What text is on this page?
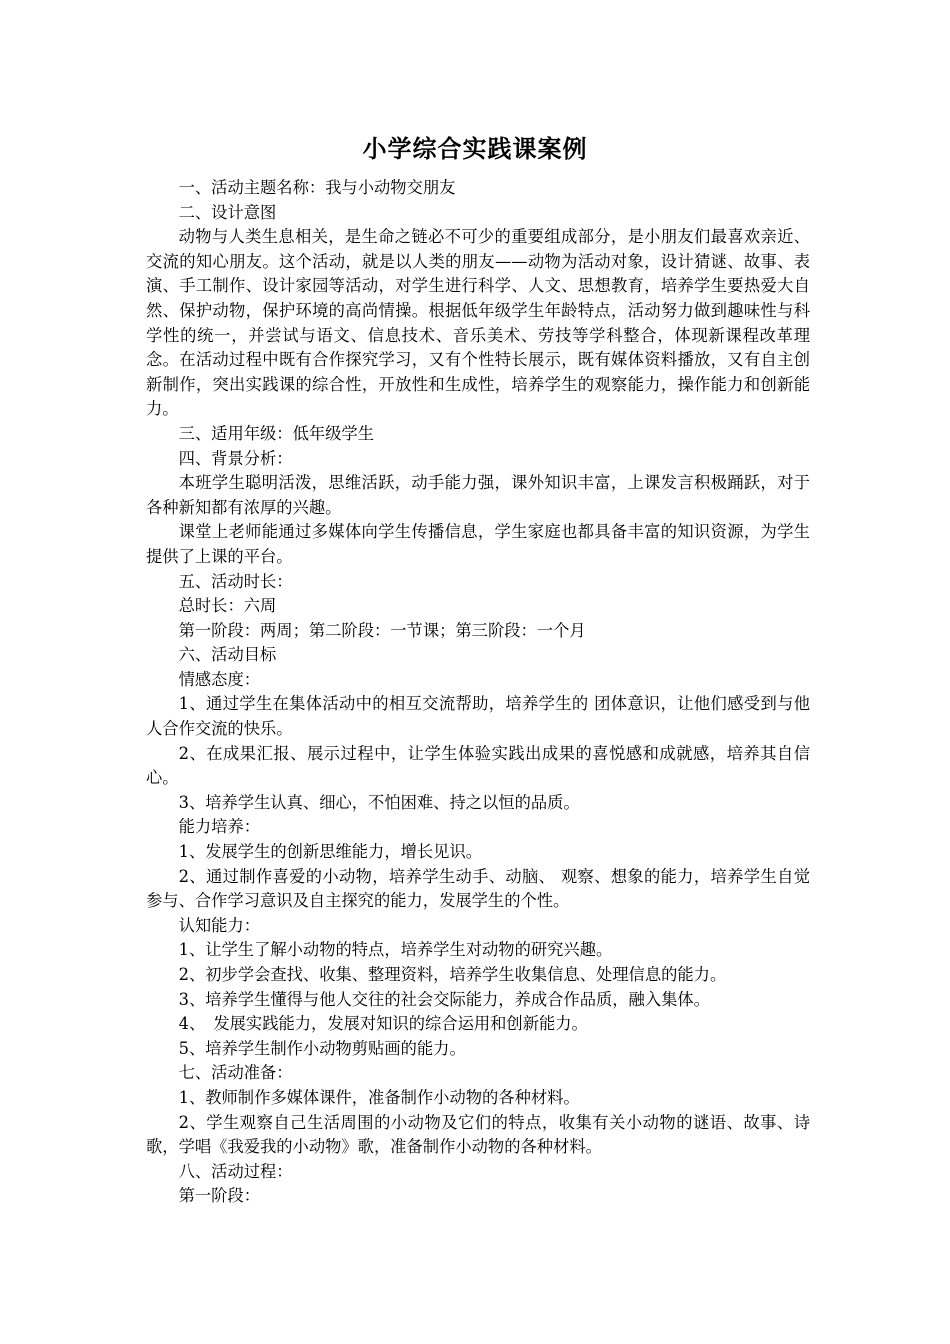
小学综合实践课案例

一、活动主题名称：我与小动物交朋友

二、设计意图

动物与人类生息相关，是生命之链必不可少的重要组成部分，是小朋友们最喜欢亲近、交流的知心朋友。这个活动，就是以人类的朋友——动物为活动对象，设计猜谜、故事、表演、手工制作、设计家园等活动，对学生进行科学、人文、思想教育，培养学生要热爱大自然、保护动物，保护环境的高尚情操。根据低年级学生年龄特点，活动努力做到趣味性与科学性的统一，并尝试与语文、信息技术、音乐美术、劳技等学科整合，体现新课程改革理念。在活动过程中既有合作探究学习，又有个性特长展示，既有媒体资料播放，又有自主创新制作，突出实践课的综合性，开放性和生成性，培养学生的观察能力，操作能力和创新能力。

三、适用年级：低年级学生

四、背景分析：

本班学生聪明活泼，思维活跃，动手能力强，课外知识丰富，上课发言积极踊跃，对于各种新知都有浓厚的兴趣。

课堂上老师能通过多媒体向学生传播信息，学生家庭也都具备丰富的知识资源，为学生提供了上课的平台。

五、活动时长：

总时长：六周

第一阶段：两周；第二阶段：一节课；第三阶段：一个月

六、活动目标

情感态度：

1、通过学生在集体活动中的相互交流帮助，培养学生的 团体意识，让他们感受到与他人合作交流的快乐。

2、在成果汇报、展示过程中，让学生体验实践出成果的喜悦感和成就感，培养其自信心。

3、培养学生认真、细心，不怕困难、持之以恒的品质。

能力培养：

1、发展学生的创新思维能力，增长见识。

2、通过制作喜爱的小动物，培养学生动手、动脑、 观察、想象的能力，培养学生自觉参与、合作学习意识及自主探究的能力，发展学生的个性。

认知能力：

1、让学生了解小动物的特点，培养学生对动物的研究兴趣。

2、初步学会查找、收集、整理资料，培养学生收集信息、处理信息的能力。

3、培养学生懂得与他人交往的社会交际能力，养成合作品质，融入集体。

4、　发展实践能力，发展对知识的综合运用和创新能力。

5、培养学生制作小动物剪贴画的能力。

七、活动准备：

1、教师制作多媒体课件，准备制作小动物的各种材料。

2、学生观察自己生活周围的小动物及它们的特点，收集有关小动物的谜语、故事、诗歌，学唱《我爱我的小动物》歌，准备制作小动物的各种材料。

八、活动过程：

第一阶段：
